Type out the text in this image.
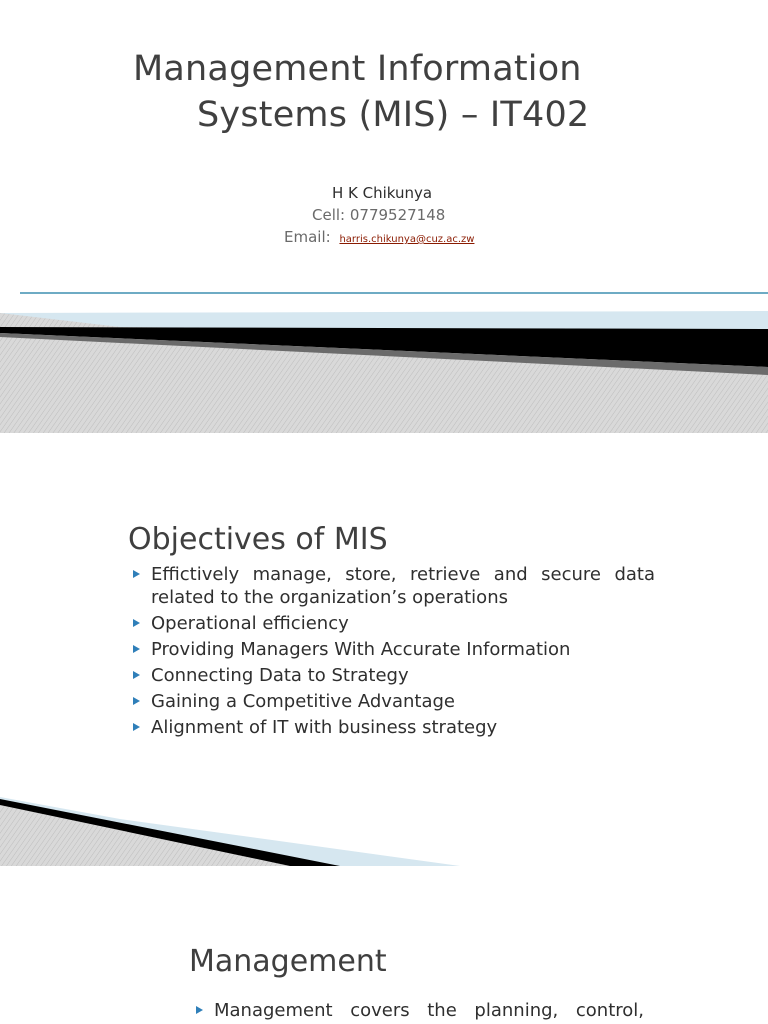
Management Information
Systems (MIS) – IT402
H K Chikunya
Cell: 0779527148
Email: harris.chikunya@cuz.ac.zw
Objectives of MIS
Effictively manage, store, retrieve and secure data
related to the organization’s operations
Operational efficiency
Providing Managers With Accurate Information
Connecting Data to Strategy
Gaining a Competitive Advantage
Alignment of IT with business strategy
Management
Management covers the planning, control,
